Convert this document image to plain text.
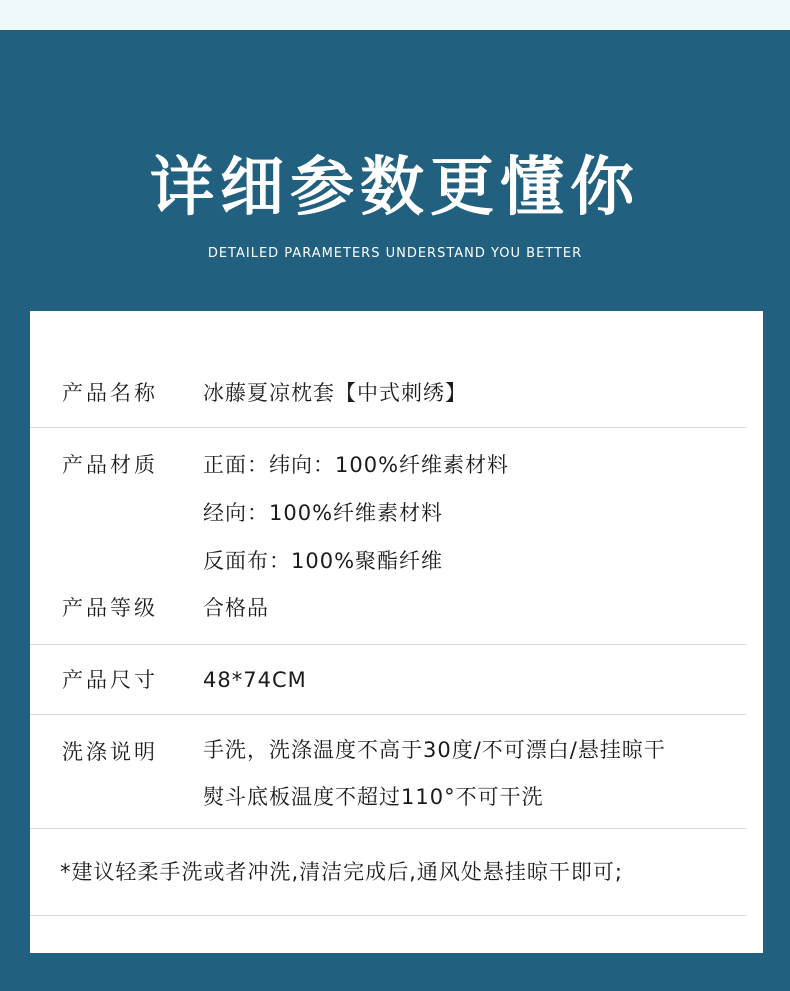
详细参数更懂你
DETAILED PARAMETERS UNDERSTAND YOU BETTER
产品名称 冰藤夏凉枕套【中式刺绣】
产品材质 正面：纬向：100%纤维素材料
经向：100%纤维素材料
反面布：100%聚酯纤维
产品等级 合格品
产品尺寸 48*74CM
洗涤说明 手洗，洗涤温度不高于30度/不可漂白/悬挂晾干
熨斗底板温度不超过110°不可干洗
*建议轻柔手洗或者冲洗,清洁完成后,通风处悬挂晾干即可;
